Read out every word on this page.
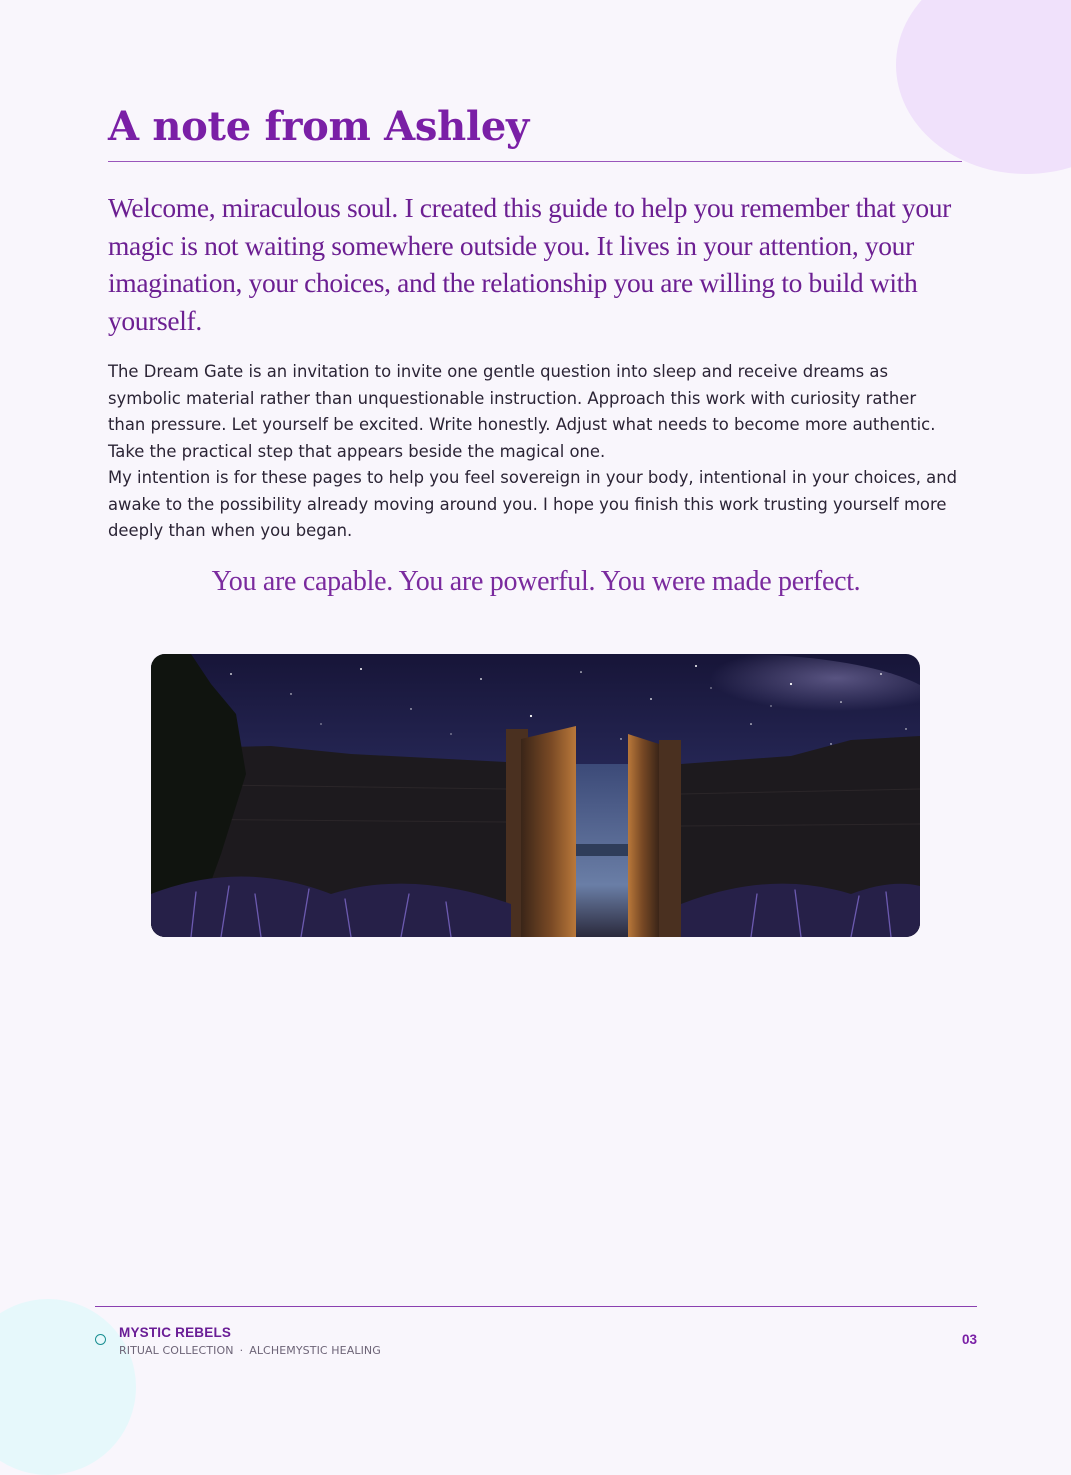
A note from Ashley

Welcome, miraculous soul. I created this guide to help you remember that your magic is not waiting somewhere outside you. It lives in your attention, your imagination, your choices, and the relationship you are willing to build with yourself.

The Dream Gate is an invitation to invite one gentle question into sleep and receive dreams as symbolic material rather than unquestionable instruction. Approach this work with curiosity rather than pressure. Let yourself be excited. Write honestly. Adjust what needs to become more authentic. Take the practical step that appears beside the magical one.

My intention is for these pages to help you feel sovereign in your body, intentional in your choices, and awake to the possibility already moving around you. I hope you finish this work trusting yourself more deeply than when you began.

You are capable. You are powerful. You were made perfect.

MYSTIC REBELS
RITUAL COLLECTION · ALCHEMYSTIC HEALING
03
